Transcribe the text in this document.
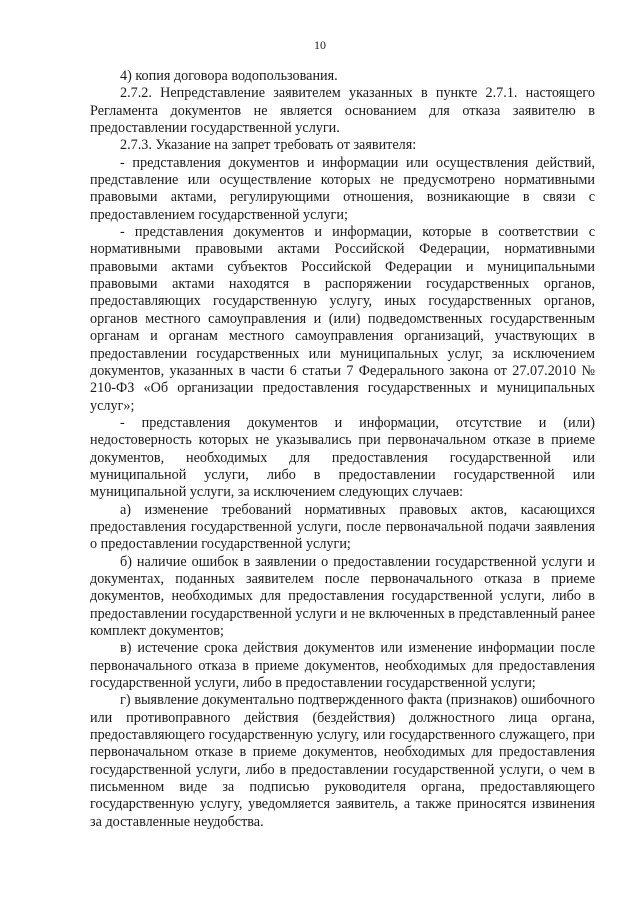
10

4) копия договора водопользования.

2.7.2. Непредставление заявителем указанных в пункте 2.7.1. настоящего Регламента документов не является основанием для отказа заявителю в предоставлении государственной услуги.

2.7.3. Указание на запрет требовать от заявителя:

- представления документов и информации или осуществления действий, представление или осуществление которых не предусмотрено нормативными правовыми актами, регулирующими отношения, возникающие в связи с предоставлением государственной услуги;

- представления документов и информации, которые в соответствии с нормативными правовыми актами Российской Федерации, нормативными правовыми актами субъектов Российской Федерации и муниципальными правовыми актами находятся в распоряжении государственных органов, предоставляющих государственную услугу, иных государственных органов, органов местного самоуправления и (или) подведомственных государственным органам и органам местного самоуправления организаций, участвующих в предоставлении государственных или муниципальных услуг, за исключением документов, указанных в части 6 статьи 7 Федерального закона от 27.07.2010 № 210-ФЗ «Об организации предоставления государственных и муниципальных услуг»;

- представления документов и информации, отсутствие и (или) недостоверность которых не указывались при первоначальном отказе в приеме документов, необходимых для предоставления государственной или муниципальной услуги, либо в предоставлении государственной или муниципальной услуги, за исключением следующих случаев:

а) изменение требований нормативных правовых актов, касающихся предоставления государственной услуги, после первоначальной подачи заявления о предоставлении государственной услуги;

б) наличие ошибок в заявлении о предоставлении государственной услуги и документах, поданных заявителем после первоначального отказа в приеме документов, необходимых для предоставления государственной услуги, либо в предоставлении государственной услуги и не включенных в представленный ранее комплект документов;

в) истечение срока действия документов или изменение информации после первоначального отказа в приеме документов, необходимых для предоставления государственной услуги, либо в предоставлении государственной услуги;

г) выявление документально подтвержденного факта (признаков) ошибочного или противоправного действия (бездействия) должностного лица органа, предоставляющего государственную услугу, или государственного служащего, при первоначальном отказе в приеме документов, необходимых для предоставления государственной услуги, либо в предоставлении государственной услуги, о чем в письменном виде за подписью руководителя органа, предоставляющего государственную услугу, уведомляется заявитель, а также приносятся извинения за доставленные неудобства.
